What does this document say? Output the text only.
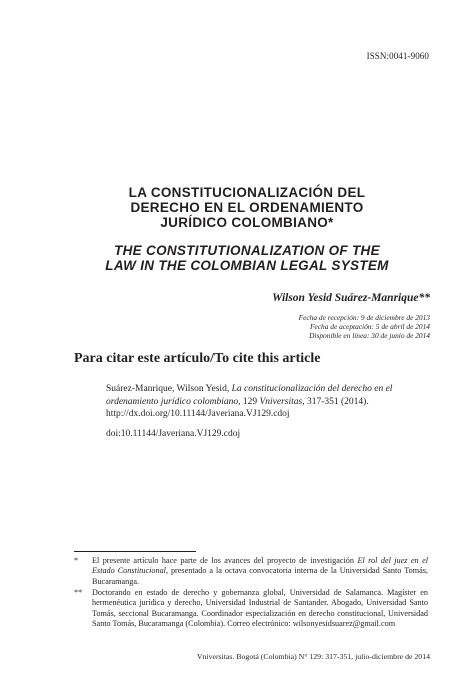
ISSN:0041-9060
LA CONSTITUCIONALIZACIÓN DEL
DERECHO EN EL ORDENAMIENTO
JURÍDICO COLOMBIANO*
THE CONSTITUTIONALIZATION OF THE
LAW IN THE COLOMBIAN LEGAL SYSTEM
Wilson Yesid Suárez-Manrique**
Fecha de recepción: 9 de diciembre de 2013
Fecha de aceptación: 5 de abril de 2014
Disponible en línea: 30 de junio de 2014
Para citar este artículo/To cite this article
Suárez-Manrique, Wilson Yesid, La constitucionalización del derecho en el ordenamiento jurídico colombiano, 129 Vniversitas, 317-351 (2014). http://dx.doi.org/10.11144/Javeriana.VJ129.cdoj
doi:10.11144/Javeriana.VJ129.cdoj
* El presente artículo hace parte de los avances del proyecto de investigación El rol del juez en el Estado Constitucional, presentado a la octava convocatoria interna de la Universidad Santo Tomás, Bucaramanga.
** Doctorando en estado de derecho y gobernanza global, Universidad de Salamanca. Magíster en hermenéutica jurídica y derecho, Universidad Industrial de Santander. Abogado, Universidad Santo Tomás, seccional Bucaramanga. Coordinador especialización en derecho constitucional, Universidad Santo Tomás, Bucaramanga (Colombia). Correo electrónico: wilsonyesidsuarez@gmail.com
Vniversitas. Bogotá (Colombia) N° 129: 317-351, julio-diciembre de 2014
